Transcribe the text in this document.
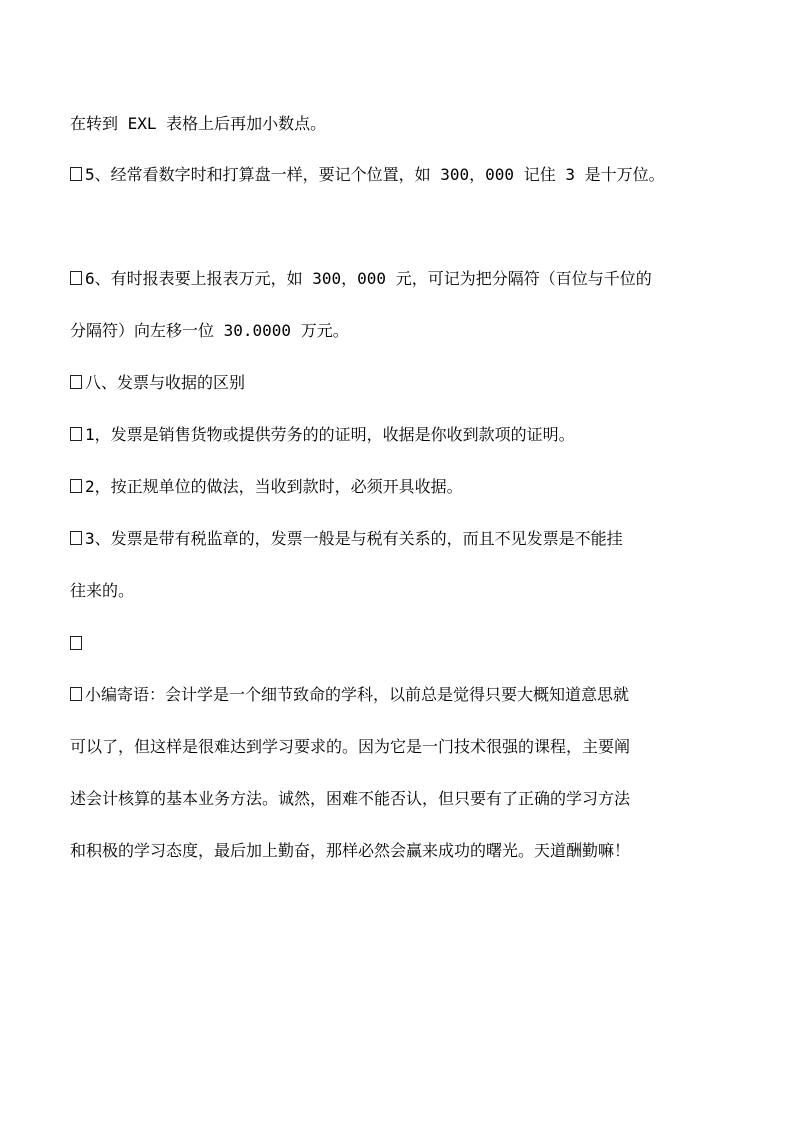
在转到 EXL 表格上后再加小数点。
5、经常看数字时和打算盘一样，要记个位置，如 300，000 记住 3 是十万位。
6、有时报表要上报表万元，如 300，000 元，可记为把分隔符（百位与千位的
分隔符）向左移一位 30.0000 万元。
八、发票与收据的区别
1，发票是销售货物或提供劳务的的证明，收据是你收到款项的证明。
2，按正规单位的做法，当收到款时，必须开具收据。
3、发票是带有税监章的，发票一般是与税有关系的，而且不见发票是不能挂
往来的。
小编寄语：会计学是一个细节致命的学科，以前总是觉得只要大概知道意思就
可以了，但这样是很难达到学习要求的。因为它是一门技术很强的课程，主要阐
述会计核算的基本业务方法。诚然，困难不能否认，但只要有了正确的学习方法
和积极的学习态度，最后加上勤奋，那样必然会赢来成功的曙光。天道酬勤嘛！
